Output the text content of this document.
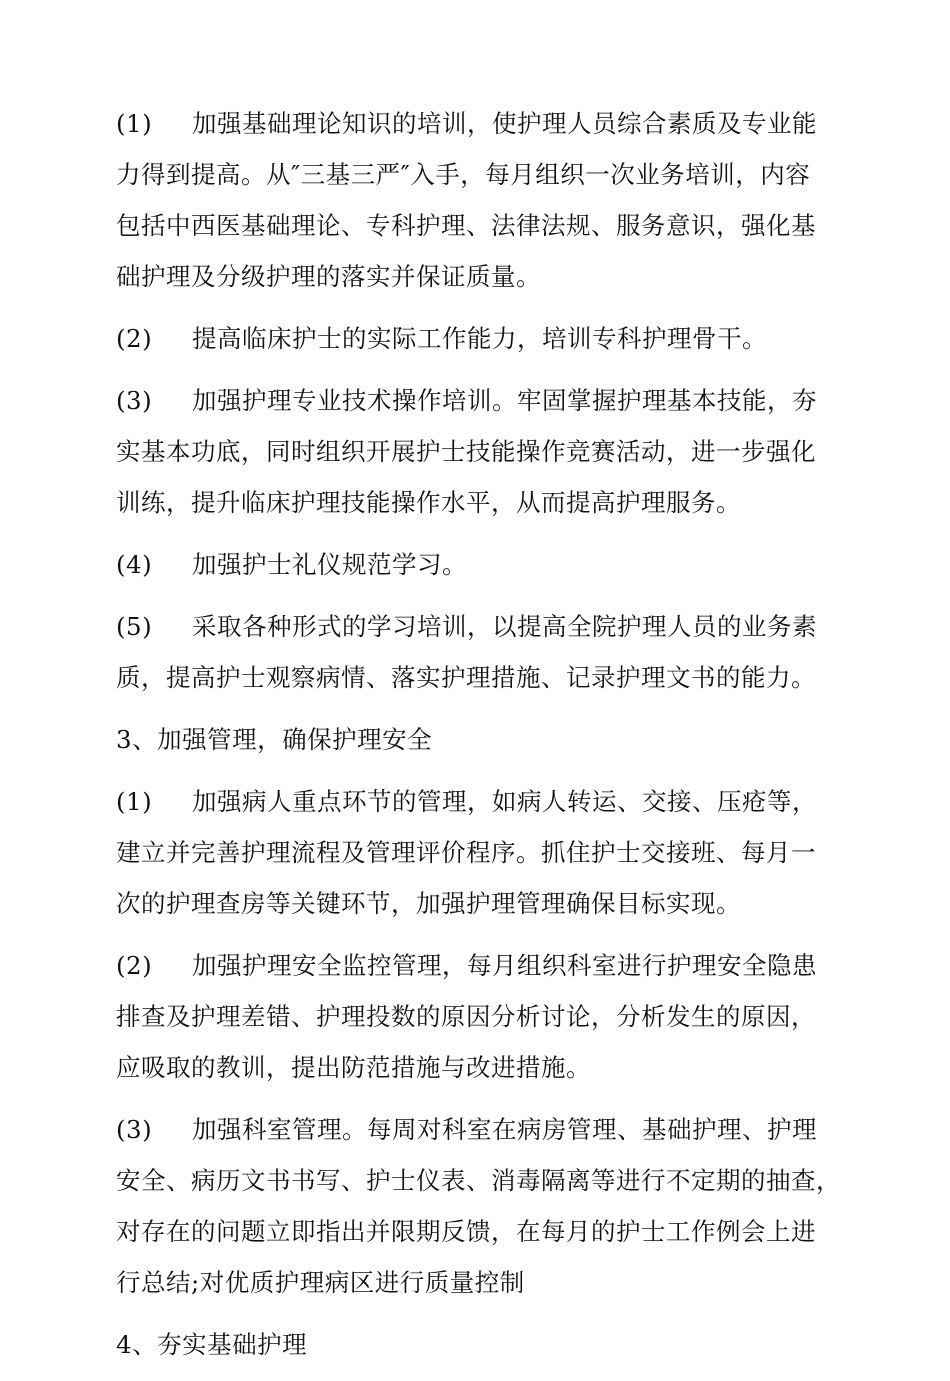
(1) 加强基础理论知识的培训，使护理人员综合素质及专业能
力得到提高。从″三基三严″入手，每月组织一次业务培训，内容
包括中西医基础理论、专科护理、法律法规、服务意识，强化基
础护理及分级护理的落实并保证质量。
(2) 提高临床护士的实际工作能力，培训专科护理骨干。
(3) 加强护理专业技术操作培训。牢固掌握护理基本技能，夯
实基本功底，同时组织开展护士技能操作竞赛活动，进一步强化
训练，提升临床护理技能操作水平，从而提高护理服务。
(4) 加强护士礼仪规范学习。
(5) 采取各种形式的学习培训，以提高全院护理人员的业务素
质，提高护士观察病情、落实护理措施、记录护理文书的能力。
3、加强管理，确保护理安全
(1) 加强病人重点环节的管理，如病人转运、交接、压疮等，
建立并完善护理流程及管理评价程序。抓住护士交接班、每月一
次的护理查房等关键环节，加强护理管理确保目标实现。
(2) 加强护理安全监控管理，每月组织科室进行护理安全隐患
排查及护理差错、护理投数的原因分析讨论，分析发生的原因，
应吸取的教训，提出防范措施与改进措施。
(3) 加强科室管理。每周对科室在病房管理、基础护理、护理
安全、病历文书书写、护士仪表、消毒隔离等进行不定期的抽查，
对存在的问题立即指出并限期反馈，在每月的护士工作例会上进
行总结;对优质护理病区进行质量控制
4、夯实基础护理
